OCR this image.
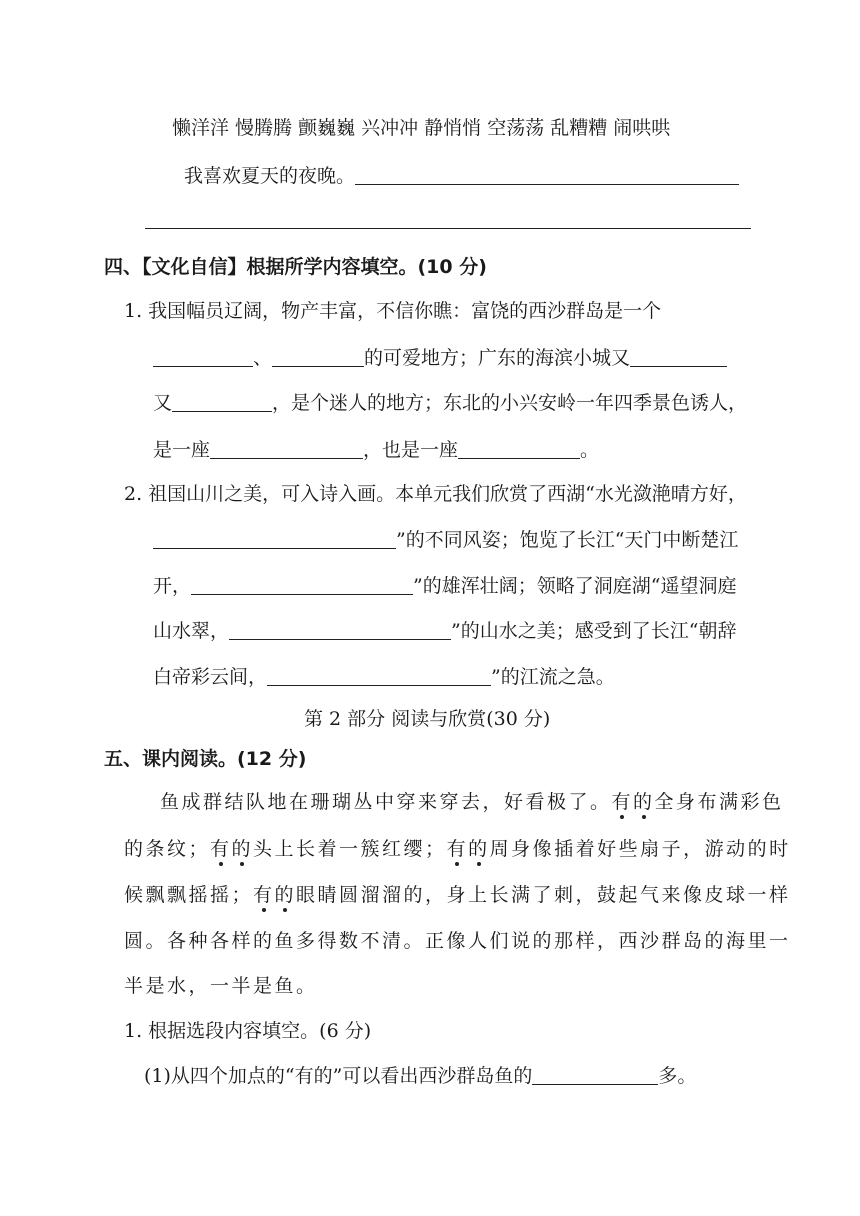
懒洋洋 慢腾腾 颤巍巍 兴冲冲 静悄悄 空荡荡 乱糟糟 闹哄哄
我喜欢夏天的夜晚。
四、【文化自信】根据所学内容填空。(10 分)
1. 我国幅员辽阔，物产丰富，不信你瞧：富饶的西沙群岛是一个
、	的可爱地方；广东的海滨小城又
又	，是个迷人的地方；东北的小兴安岭一年四季景色诱人，
是一座	，也是一座	。
2. 祖国山川之美，可入诗入画。本单元我们欣赏了西湖“水光潋滟晴方好，
”的不同风姿；饱览了长江“天门中断楚江
开，	”的雄浑壮阔；领略了洞庭湖“遥望洞庭
山水翠，	”的山水之美；感受到了长江“朝辞
白帝彩云间，	”的江流之急。
第 2 部分 阅读与欣赏(30 分)
五、课内阅读。(12 分)
鱼成群结队地在珊瑚丛中穿来穿去，好看极了。有的全身布满彩色
的条纹；有的头上长着一簇红缨；有的周身像插着好些扇子，游动的时
候飘飘摇摇；有的眼睛圆溜溜的，身上长满了刺，鼓起气来像皮球一样
圆。各种各样的鱼多得数不清。正像人们说的那样，西沙群岛的海里一
半是水，一半是鱼。
1. 根据选段内容填空。(6 分)
(1)从四个加点的“有的”可以看出西沙群岛鱼的	多。
